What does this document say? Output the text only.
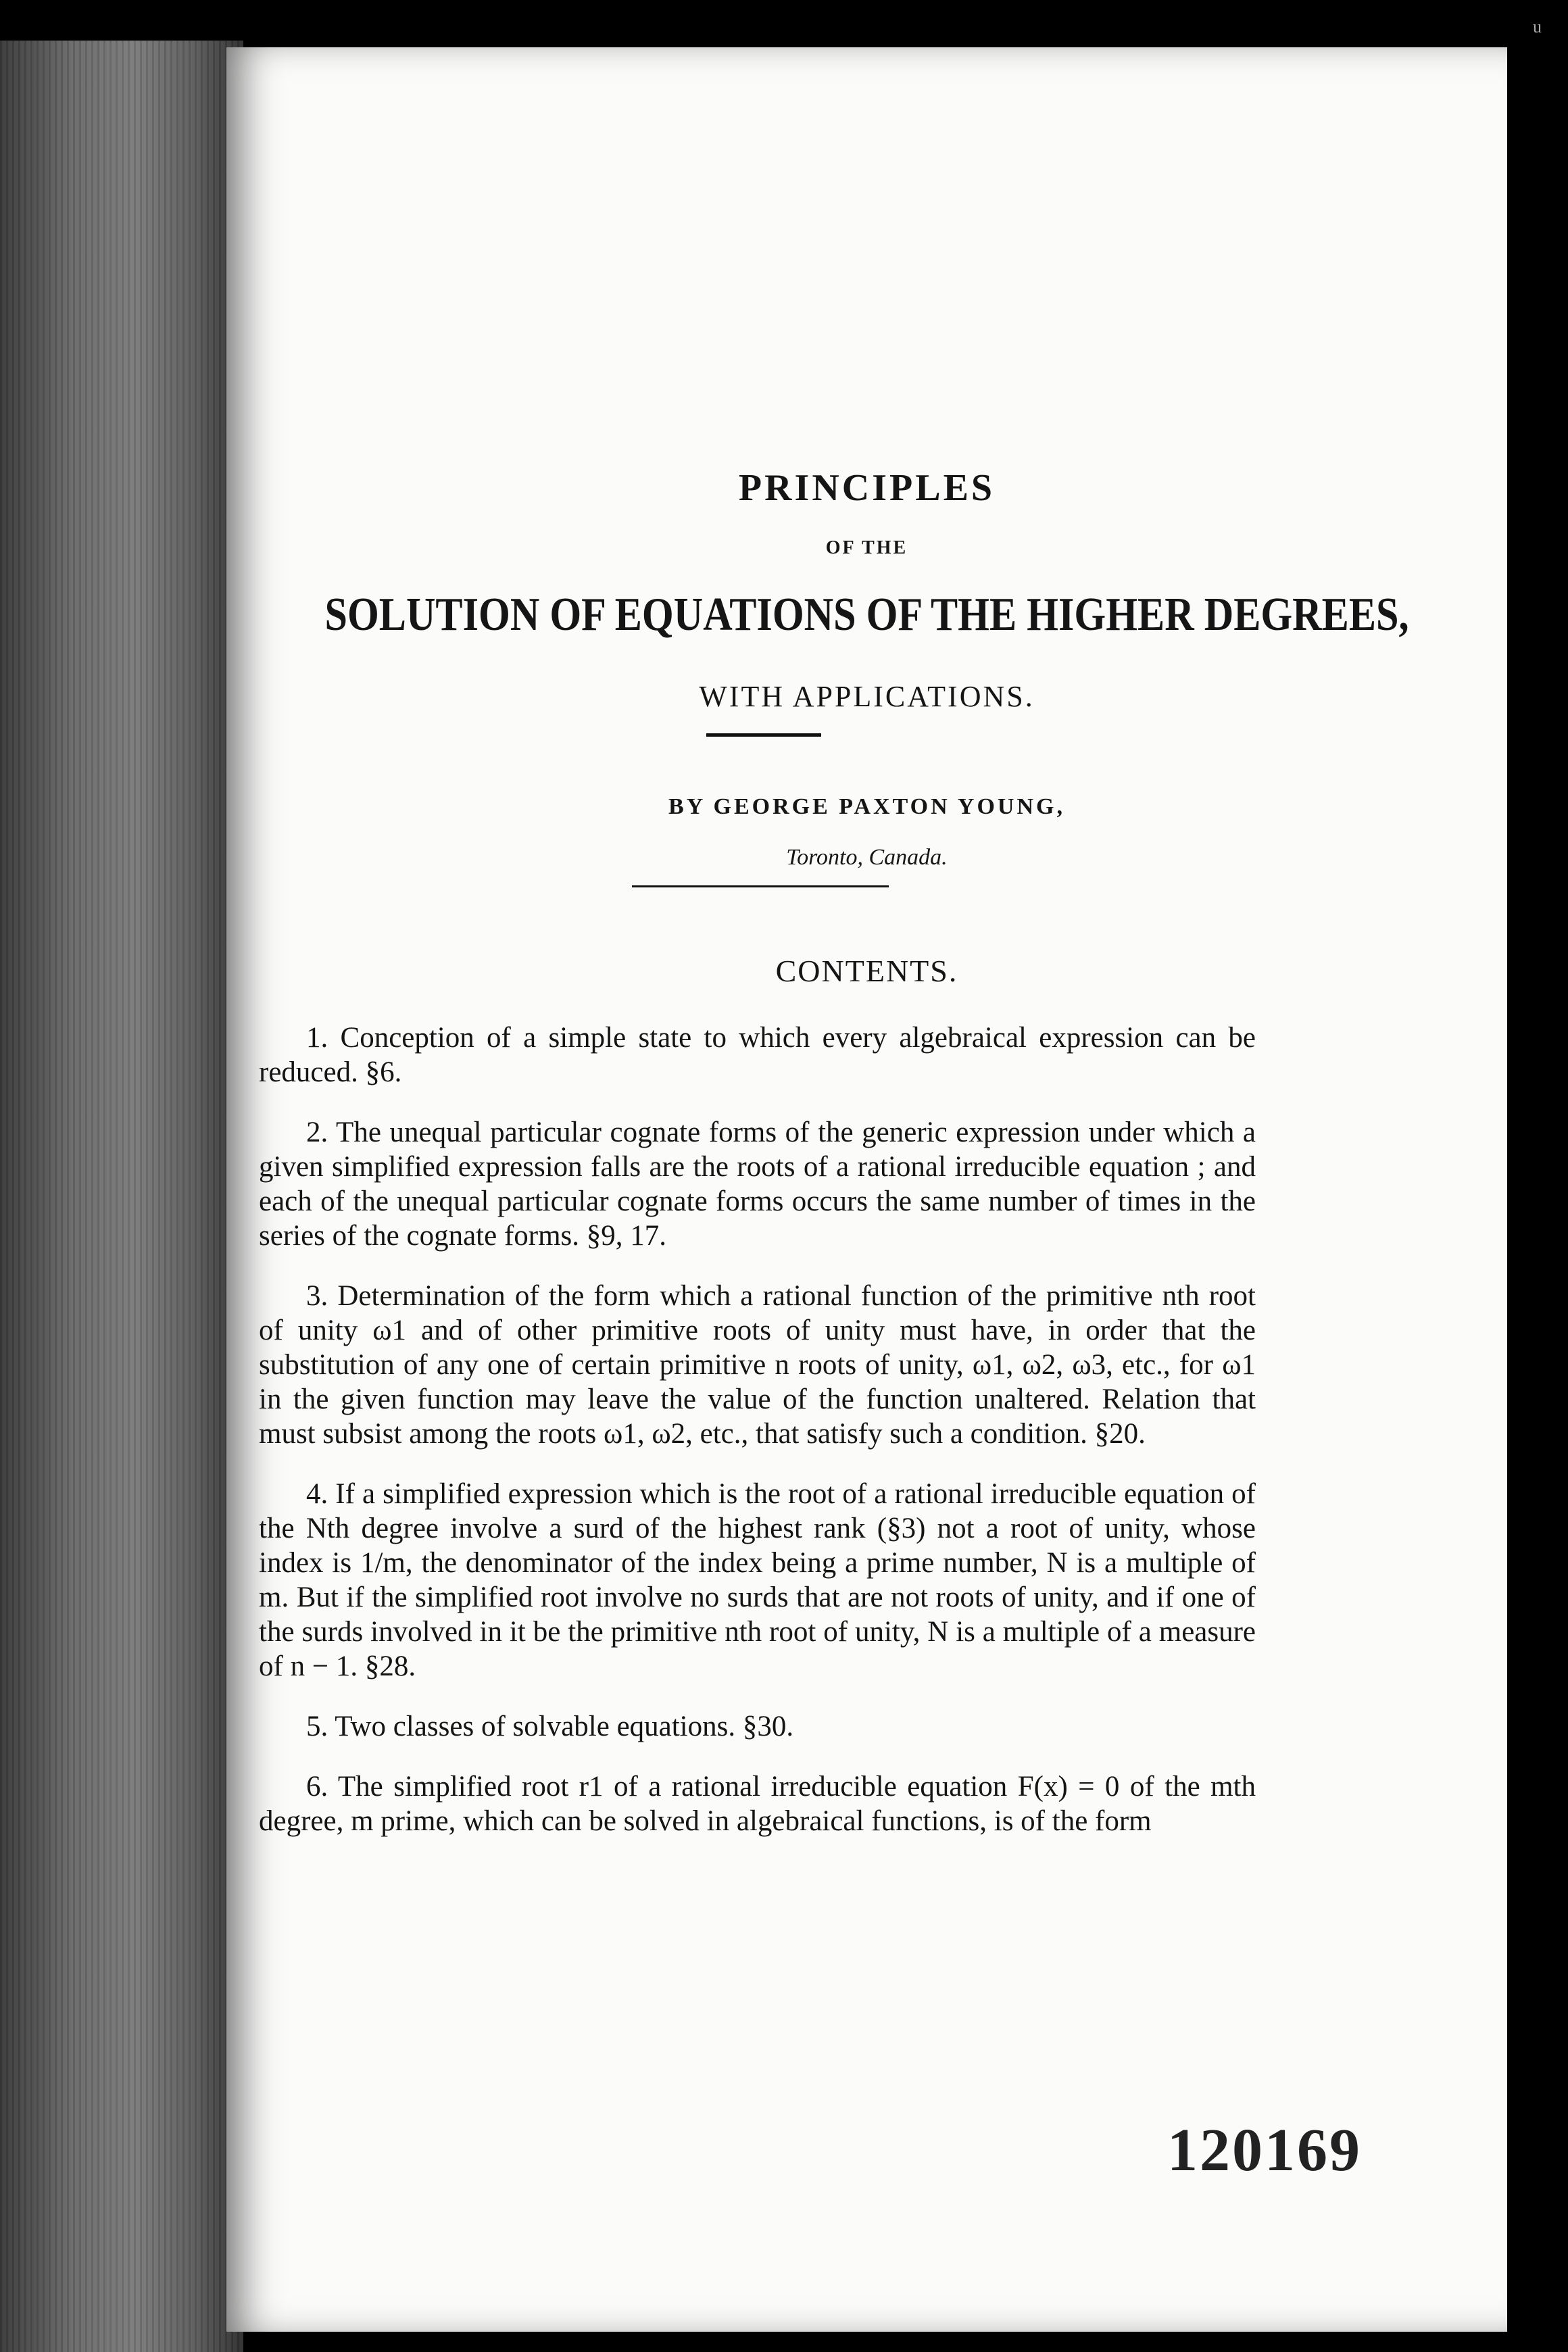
u
PRINCIPLES
OF THE
SOLUTION OF EQUATIONS OF THE HIGHER DEGREES,
WITH APPLICATIONS.
BY GEORGE PAXTON YOUNG,
Toronto, Canada.
CONTENTS.

1. Conception of a simple state to which every algebraical expression can be reduced. §6.

2. The unequal particular cognate forms of the generic expression under which a given simplified expression falls are the roots of a rational irreducible equation ; and each of the unequal particular cognate forms occurs the same number of times in the series of the cognate forms. §9, 17.

3. Determination of the form which a rational function of the primitive nth root of unity ω1 and of other primitive roots of unity must have, in order that the substitution of any one of certain primitive n roots of unity, ω1, ω2, ω3, etc., for ω1 in the given function may leave the value of the function unaltered. Relation that must subsist among the roots ω1, ω2, etc., that satisfy such a condition. §20.

4. If a simplified expression which is the root of a rational irreducible equation of the Nth degree involve a surd of the highest rank (§3) not a root of unity, whose index is 1/m, the denominator of the index being a prime number, N is a multiple of m. But if the simplified root involve no surds that are not roots of unity, and if one of the surds involved in it be the primitive nth root of unity, N is a multiple of a measure of n − 1. §28.

5. Two classes of solvable equations. §30.

6. The simplified root r1 of a rational irreducible equation F(x) = 0 of the mth degree, m prime, which can be solved in algebraical functions, is of the form

120169
